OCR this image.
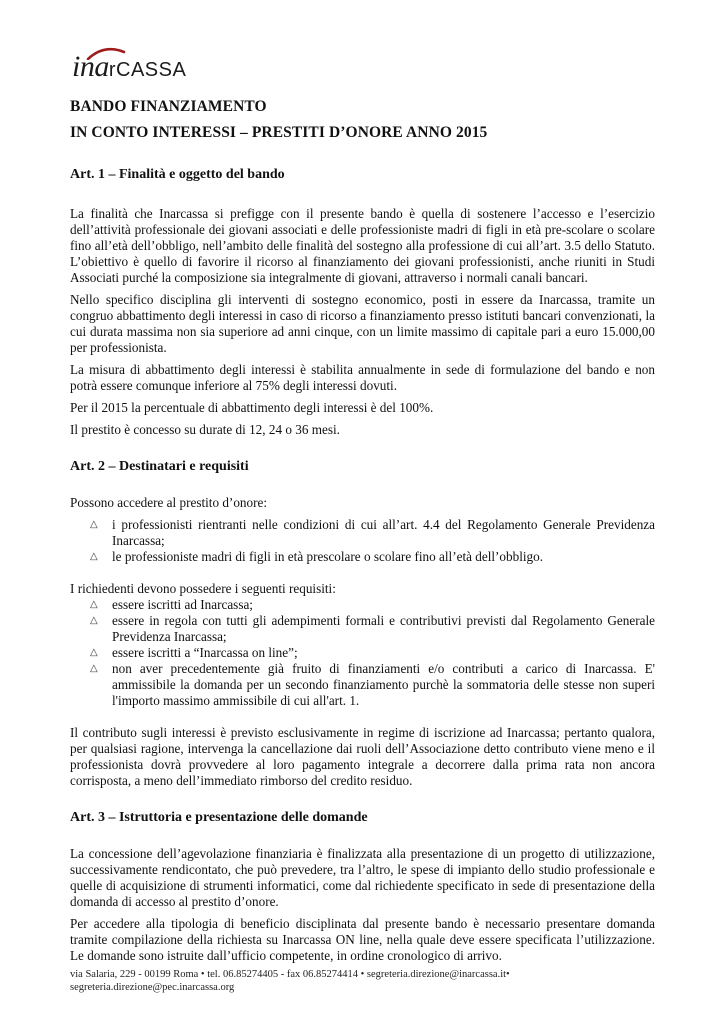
inarCASSA
BANDO FINANZIAMENTO
IN CONTO INTERESSI – PRESTITI D’ONORE ANNO 2015
Art. 1 – Finalità e oggetto del bando

La finalità che Inarcassa si prefigge con il presente bando è quella di sostenere l’accesso e l’esercizio dell’attività professionale dei giovani associati e delle professioniste madri di figli in età pre-scolare o scolare fino all’età dell’obbligo, nell’ambito delle finalità del sostegno alla professione di cui all’art. 3.5 dello Statuto. L’obiettivo è quello di favorire il ricorso al finanziamento dei giovani professionisti, anche riuniti in Studi Associati purché la composizione sia integralmente di giovani, attraverso i normali canali bancari.

Nello specifico disciplina gli interventi di sostegno economico, posti in essere da Inarcassa, tramite un congruo abbattimento degli interessi in caso di ricorso a finanziamento presso istituti bancari convenzionati, la cui durata massima non sia superiore ad anni cinque, con un limite massimo di capitale pari a euro 15.000,00 per professionista.

La misura di abbattimento degli interessi è stabilita annualmente in sede di formulazione del bando e non potrà essere comunque inferiore al 75% degli interessi dovuti.

Per il 2015 la percentuale di abbattimento degli interessi è del 100%.

Il prestito è concesso su durate di 12, 24 o 36 mesi.

Art. 2 – Destinatari e requisiti

Possono accedere al prestito d’onore:

△ i professionisti rientranti nelle condizioni di cui all’art. 4.4 del Regolamento Generale Previdenza Inarcassa;
△ le professioniste madri di figli in età prescolare o scolare fino all’età dell’obbligo.

I richiedenti devono possedere i seguenti requisiti:

△ essere iscritti ad Inarcassa;
△ essere in regola con tutti gli adempimenti formali e contributivi previsti dal Regolamento Generale Previdenza Inarcassa;
△ essere iscritti a “Inarcassa on line”;
△ non aver precedentemente già fruito di finanziamenti e/o contributi a carico di Inarcassa. E' ammissibile la domanda per un secondo finanziamento purchè la sommatoria delle stesse non superi l'importo massimo ammissibile di cui all'art. 1.

Il contributo sugli interessi è previsto esclusivamente in regime di iscrizione ad Inarcassa; pertanto qualora, per qualsiasi ragione, intervenga la cancellazione dai ruoli dell’Associazione detto contributo viene meno e il professionista dovrà provvedere al loro pagamento integrale a decorrere dalla prima rata non ancora corrisposta, a meno dell’immediato rimborso del credito residuo.

Art. 3 – Istruttoria e presentazione delle domande

La concessione dell’agevolazione finanziaria è finalizzata alla presentazione di un progetto di utilizzazione, successivamente rendicontato, che può prevedere, tra l’altro, le spese di impianto dello studio professionale e quelle di acquisizione di strumenti informatici, come dal richiedente specificato in sede di presentazione della domanda di accesso al prestito d’onore.

Per accedere alla tipologia di beneficio disciplinata dal presente bando è necessario presentare domanda tramite compilazione della richiesta su Inarcassa ON line, nella quale deve essere specificata l’utilizzazione. Le domande sono istruite dall’ufficio competente, in ordine cronologico di arrivo.

via Salaria, 229 - 00199 Roma • tel. 06.85274405 - fax 06.85274414 • segreteria.direzione@inarcassa.it•
segreteria.direzione@pec.inarcassa.org
